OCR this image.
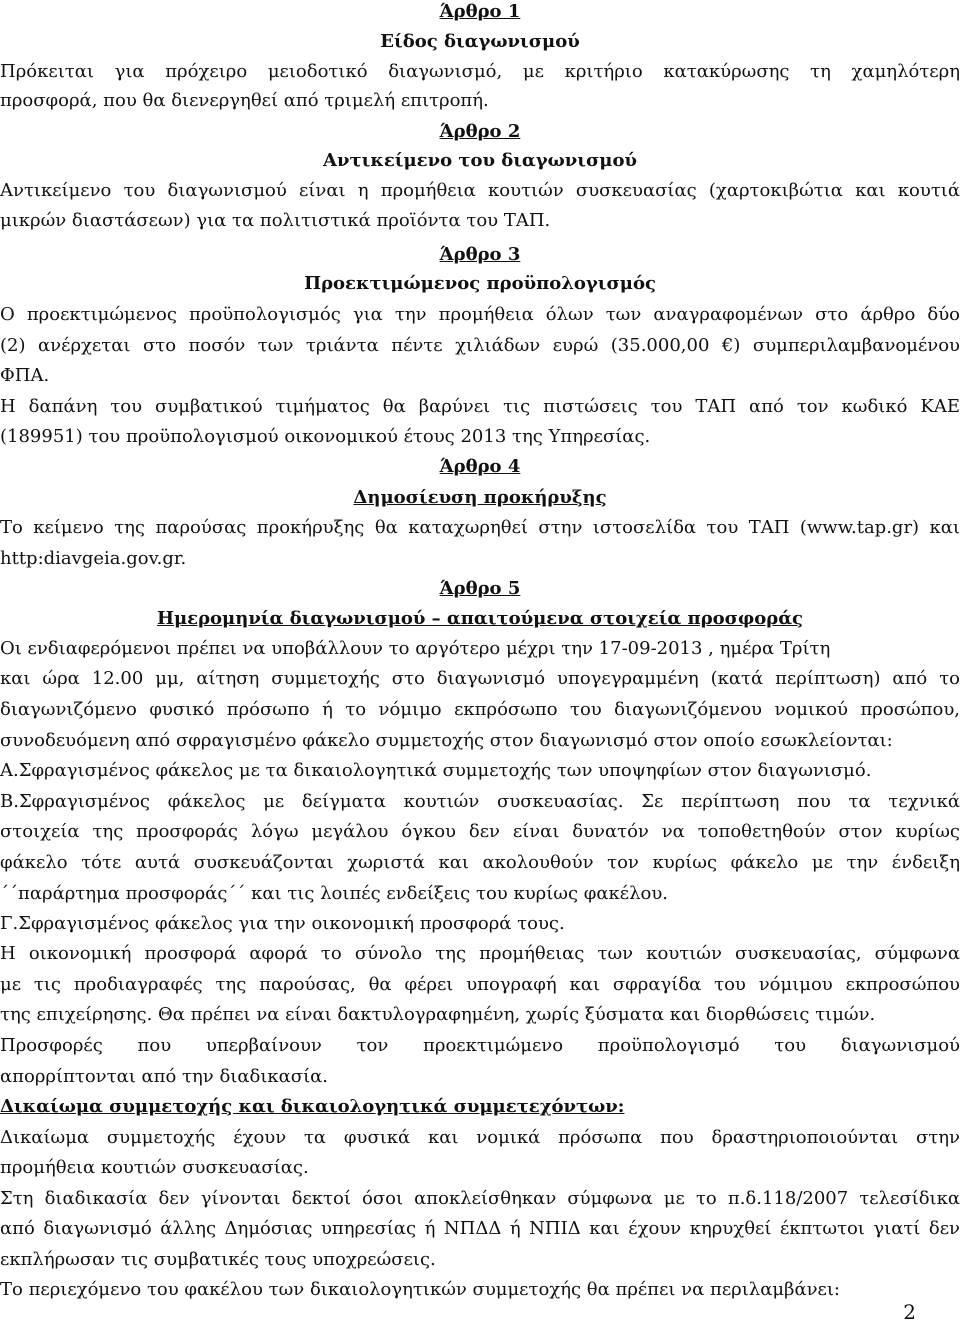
Άρθρο 1
Είδος διαγωνισμού
Πρόκειται για πρόχειρο μειοδοτικό διαγωνισμό, με κριτήριο κατακύρωσης τη χαμηλότερη
προσφορά, που θα διενεργηθεί από τριμελή επιτροπή.
Άρθρο 2
Αντικείμενο του διαγωνισμού
Αντικείμενο του διαγωνισμού είναι η προμήθεια κουτιών συσκευασίας (χαρτοκιβώτια και κουτιά
μικρών διαστάσεων) για τα πολιτιστικά προϊόντα του ΤΑΠ.
Άρθρο 3
Προεκτιμώμενος προϋπολογισμός
Ο προεκτιμώμενος προϋπολογισμός για την προμήθεια όλων των αναγραφομένων στο άρθρο δύο
(2) ανέρχεται στο ποσόν των τριάντα πέντε χιλιάδων ευρώ (35.000,00 €) συμπεριλαμβανομένου
ΦΠΑ.
Η δαπάνη του συμβατικού τιμήματος θα βαρύνει τις πιστώσεις του ΤΑΠ από τον κωδικό ΚΑΕ
(189951) του προϋπολογισμού οικονομικού έτους 2013 της Υπηρεσίας.
Άρθρο 4
Δημοσίευση προκήρυξης
Το κείμενο της παρούσας προκήρυξης θα καταχωρηθεί στην ιστοσελίδα του ΤΑΠ (www.tap.gr) και
http:diavgeia.gov.gr.
Άρθρο 5
Ημερομηνία διαγωνισμού – απαιτούμενα στοιχεία προσφοράς
Οι ενδιαφερόμενοι πρέπει να υποβάλλουν το αργότερο μέχρι την 17-09-2013 , ημέρα Τρίτη
και ώρα 12.00 μμ, αίτηση συμμετοχής στο διαγωνισμό υπογεγραμμένη (κατά περίπτωση) από το
διαγωνιζόμενο φυσικό πρόσωπο ή το νόμιμο εκπρόσωπο του διαγωνιζόμενου νομικού προσώπου,
συνοδευόμενη από σφραγισμένο φάκελο συμμετοχής στον διαγωνισμό στον οποίο εσωκλείονται:
Α.Σφραγισμένος φάκελος με τα δικαιολογητικά συμμετοχής των υποψηφίων στον διαγωνισμό.
Β.Σφραγισμένος φάκελος με δείγματα κουτιών συσκευασίας. Σε περίπτωση που τα τεχνικά
στοιχεία της προσφοράς λόγω μεγάλου όγκου δεν είναι δυνατόν να τοποθετηθούν στον κυρίως
φάκελο τότε αυτά συσκευάζονται χωριστά και ακολουθούν τον κυρίως φάκελο με την ένδειξη
΄΄παράρτημα προσφοράς΄΄ και τις λοιπές ενδείξεις του κυρίως φακέλου.
Γ.Σφραγισμένος φάκελος για την οικονομική προσφορά τους.
Η οικονομική προσφορά αφορά το σύνολο της προμήθειας των κουτιών συσκευασίας, σύμφωνα
με τις προδιαγραφές της παρούσας, θα φέρει υπογραφή και σφραγίδα του νόμιμου εκπροσώπου
της επιχείρησης. Θα πρέπει να είναι δακτυλογραφημένη, χωρίς ξύσματα και διορθώσεις τιμών.
Προσφορές που υπερβαίνουν τον προεκτιμώμενο προϋπολογισμό του διαγωνισμού
απορρίπτονται από την διαδικασία.
Δικαίωμα συμμετοχής και δικαιολογητικά συμμετεχόντων:
Δικαίωμα συμμετοχής έχουν τα φυσικά και νομικά πρόσωπα που δραστηριοποιούνται στην
προμήθεια κουτιών συσκευασίας.
Στη διαδικασία δεν γίνονται δεκτοί όσοι αποκλείσθηκαν σύμφωνα με το π.δ.118/2007 τελεσίδικα
από διαγωνισμό άλλης Δημόσιας υπηρεσίας ή ΝΠΔΔ ή ΝΠΙΔ και έχουν κηρυχθεί έκπτωτοι γιατί δεν
εκπλήρωσαν τις συμβατικές τους υποχρεώσεις.
Το περιεχόμενο του φακέλου των δικαιολογητικών συμμετοχής θα πρέπει να περιλαμβάνει:
2
